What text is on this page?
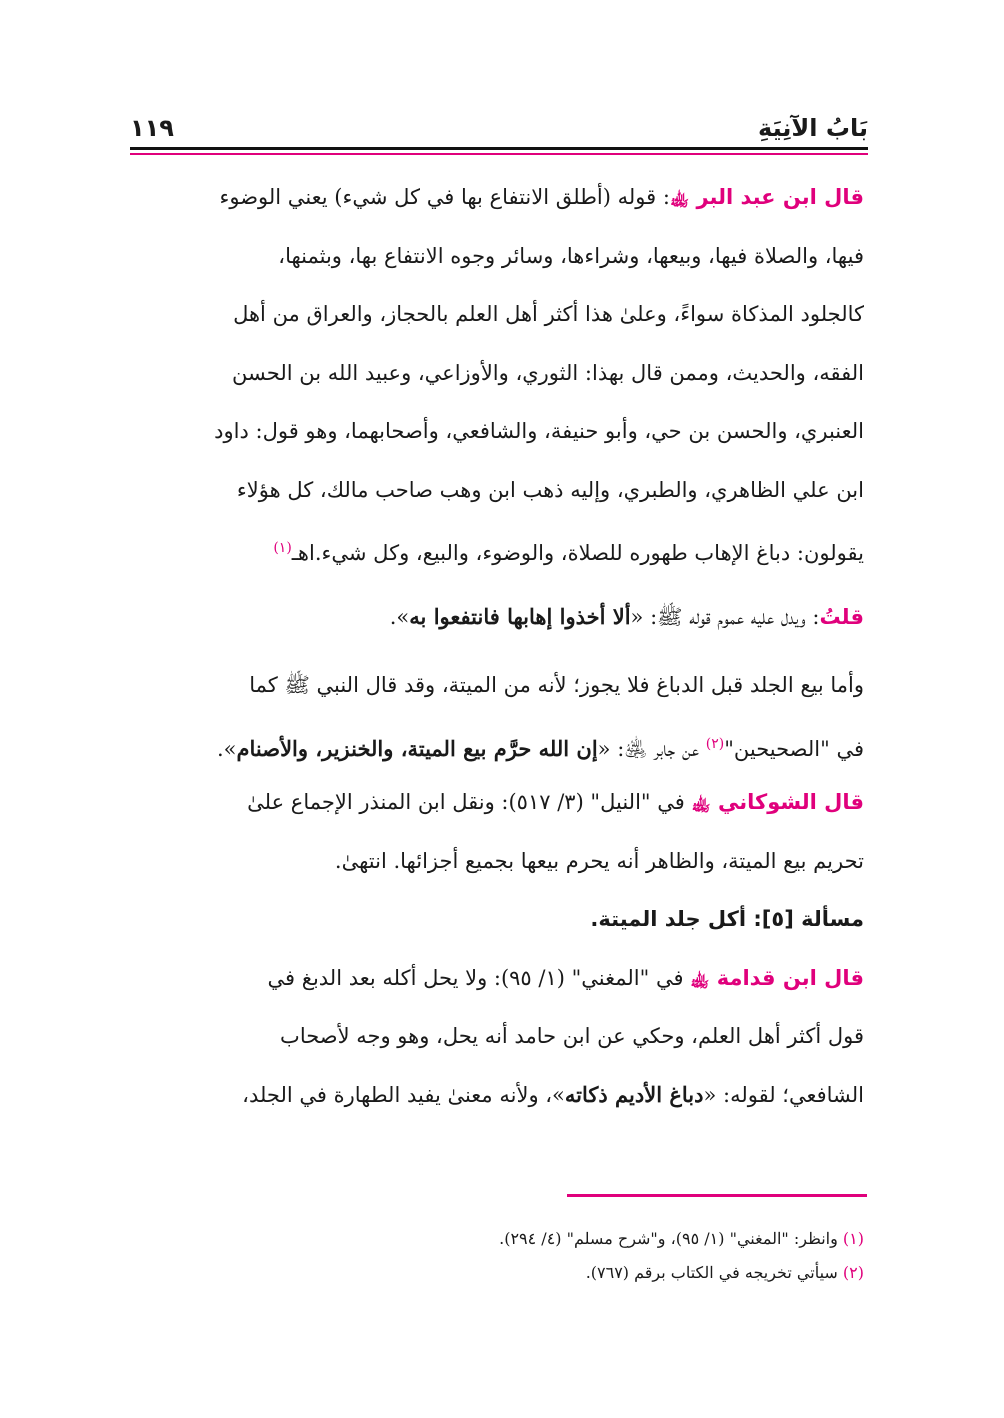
بَابُ الآنِيَةِ
١١٩
قال ابن عبد البر ﵀: قوله (أطلق الانتفاع بها في كل شيء) يعني الوضوء
فيها، والصلاة فيها، وبيعها، وشراءها، وسائر وجوه الانتفاع بها، وبثمنها،
كالجلود المذكاة سواءً، وعلىٰ هذا أكثر أهل العلم بالحجاز، والعراق من أهل
الفقه، والحديث، وممن قال بهذا: الثوري، والأوزاعي، وعبيد الله بن الحسن
العنبري، والحسن بن حي، وأبو حنيفة، والشافعي، وأصحابهما، وهو قول: داود
ابن علي الظاهري، والطبري، وإليه ذهب ابن وهب صاحب مالك، كل هؤلاء
يقولون: دباغ الإهاب طهوره للصلاة، والوضوء، والبيع، وكل شيء.اهـ$^{(١)}$
قلتُ: ويدل عليه عموم قوله ﷺ: «ألا أخذوا إهابها فانتفعوا به».
وأما بيع الجلد قبل الدباغ فلا يجوز؛ لأنه من الميتة، وقد قال النبي ﷺ كما
في "الصحيحين"$^{(٢)}$ عن جابر ﵁: «إن الله حرَّم بيع الميتة، والخنزير، والأصنام».
قال الشوكاني ﵀ في "النيل" (٣/ ٥١٧): ونقل ابن المنذر الإجماع علىٰ
تحريم بيع الميتة، والظاهر أنه يحرم بيعها بجميع أجزائها. انتهىٰ.
مسألة [٥]: أكل جلد الميتة.
قال ابن قدامة ﵀ في "المغني" (١/ ٩٥): ولا يحل أكله بعد الدبغ في
قول أكثر أهل العلم، وحكي عن ابن حامد أنه يحل، وهو وجه لأصحاب
الشافعي؛ لقوله: «دباغ الأديم ذكاته»، ولأنه معنىٰ يفيد الطهارة في الجلد،
(١) وانظر: "المغني" (١/ ٩٥)، و"شرح مسلم" (٤/ ٢٩٤).
(٢) سيأتي تخريجه في الكتاب برقم (٧٦٧).
